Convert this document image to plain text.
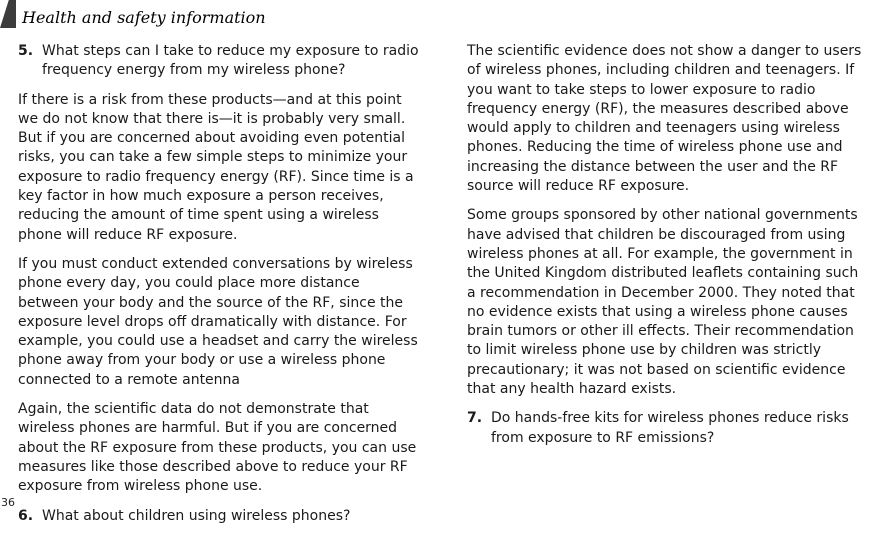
Health and safety information
5. What steps can I take to reduce my exposure to radio frequency energy from my wireless phone?

If there is a risk from these products—and at this point we do not know that there is—it is probably very small. But if you are concerned about avoiding even potential risks, you can take a few simple steps to minimize your exposure to radio frequency energy (RF). Since time is a key factor in how much exposure a person receives, reducing the amount of time spent using a wireless phone will reduce RF exposure.

If you must conduct extended conversations by wireless phone every day, you could place more distance between your body and the source of the RF, since the exposure level drops off dramatically with distance. For example, you could use a headset and carry the wireless phone away from your body or use a wireless phone connected to a remote antenna

Again, the scientific data do not demonstrate that wireless phones are harmful. But if you are concerned about the RF exposure from these products, you can use measures like those described above to reduce your RF exposure from wireless phone use.

6. What about children using wireless phones?

The scientific evidence does not show a danger to users of wireless phones, including children and teenagers. If you want to take steps to lower exposure to radio frequency energy (RF), the measures described above would apply to children and teenagers using wireless phones. Reducing the time of wireless phone use and increasing the distance between the user and the RF source will reduce RF exposure.

Some groups sponsored by other national governments have advised that children be discouraged from using wireless phones at all. For example, the government in the United Kingdom distributed leaflets containing such a recommendation in December 2000. They noted that no evidence exists that using a wireless phone causes brain tumors or other ill effects. Their recommendation to limit wireless phone use by children was strictly precautionary; it was not based on scientific evidence that any health hazard exists.

7. Do hands-free kits for wireless phones reduce risks from exposure to RF emissions?
36
